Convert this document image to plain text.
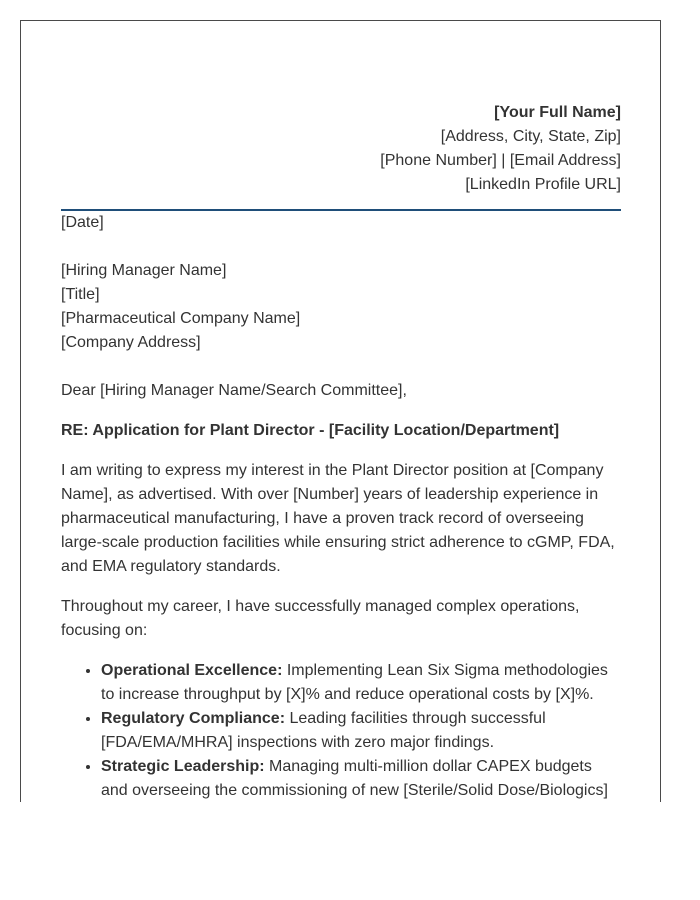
[Your Full Name]
[Address, City, State, Zip]
[Phone Number] | [Email Address]
[LinkedIn Profile URL]
[Date]
[Hiring Manager Name]
[Title]
[Pharmaceutical Company Name]
[Company Address]
Dear [Hiring Manager Name/Search Committee],
RE: Application for Plant Director - [Facility Location/Department]

I am writing to express my interest in the Plant Director position at [Company Name], as advertised. With over [Number] years of leadership experience in pharmaceutical manufacturing, I have a proven track record of overseeing large-scale production facilities while ensuring strict adherence to cGMP, FDA, and EMA regulatory standards.

Throughout my career, I have successfully managed complex operations, focusing on:

• Operational Excellence: Implementing Lean Six Sigma methodologies to increase throughput by [X]% and reduce operational costs by [X]%.
• Regulatory Compliance: Leading facilities through successful [FDA/EMA/MHRA] inspections with zero major findings.
• Strategic Leadership: Managing multi-million dollar CAPEX budgets and overseeing the commissioning of new [Sterile/Solid Dose/Biologics]
